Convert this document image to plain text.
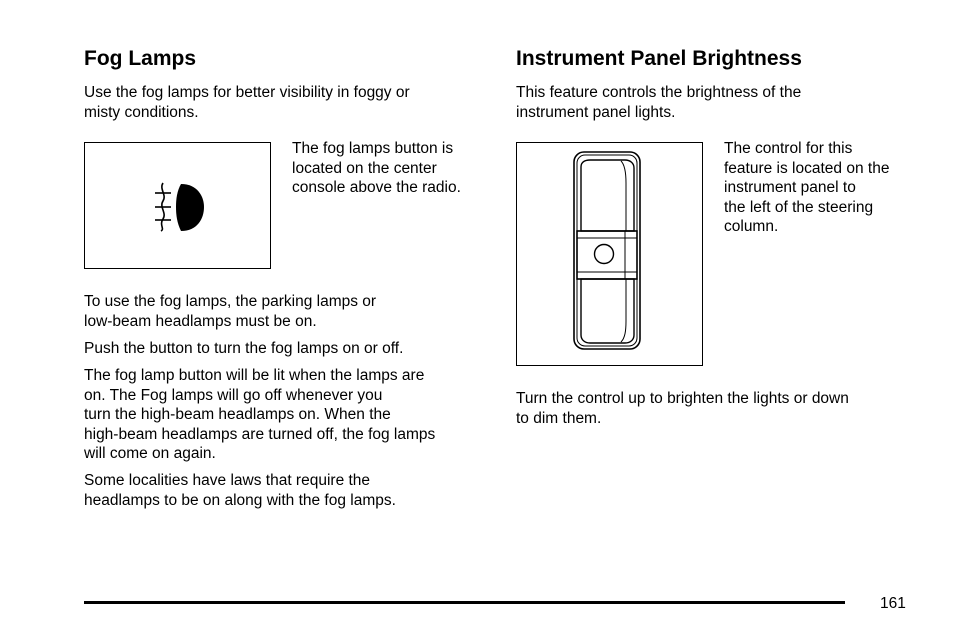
Fog Lamps

Use the fog lamps for better visibility in foggy or
misty conditions.

The fog lamps button is
located on the center
console above the radio.

To use the fog lamps, the parking lamps or
low-beam headlamps must be on.

Push the button to turn the fog lamps on or off.

The fog lamp button will be lit when the lamps are
on. The Fog lamps will go off whenever you
turn the high-beam headlamps on. When the
high-beam headlamps are turned off, the fog lamps
will come on again.

Some localities have laws that require the
headlamps to be on along with the fog lamps.

Instrument Panel Brightness

This feature controls the brightness of the
instrument panel lights.

The control for this
feature is located on the
instrument panel to
the left of the steering
column.

Turn the control up to brighten the lights or down
to dim them.

161
